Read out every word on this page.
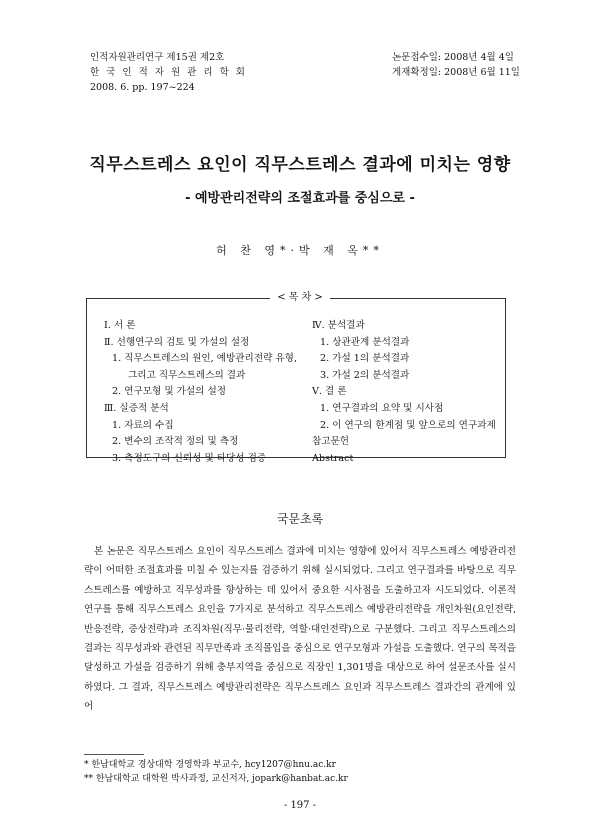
인적자원관리연구 제15권 제2호
한 국 인 적 자 원 관 리 학 회
2008. 6. pp. 197~224
논문접수일: 2008년 4월 4일
게재확정일: 2008년 6월 11일
직무스트레스 요인이 직무스트레스 결과에 미치는 영향
- 예방관리전략의 조절효과를 중심으로 -
허 찬 영*·박 재 옥**
< 목 차 >
Ⅰ. 서 론
Ⅱ. 선행연구의 검토 및 가설의 설정
1. 직무스트레스의 원인, 예방관리전략 유형,
그리고 직무스트레스의 결과
2. 연구모형 및 가설의 설정
Ⅲ. 실증적 분석
1. 자료의 수집
2. 변수의 조작적 정의 및 측정
3. 측정도구의 신뢰성 및 타당성 검증
Ⅳ. 분석결과
1. 상관관계 분석결과
2. 가설 1의 분석결과
3. 가설 2의 분석결과
Ⅴ. 결 론
1. 연구결과의 요약 및 시사점
2. 이 연구의 한계점 및 앞으로의 연구과제
참고문헌
Abstract
국문초록
본 논문은 직무스트레스 요인이 직무스트레스 결과에 미치는 영향에 있어서 직무스트레스 예방관리전략이 어떠한 조절효과를 미칠 수 있는지를 검증하기 위해 실시되었다. 그리고 연구결과를 바탕으로 직무스트레스를 예방하고 직무성과를 향상하는 데 있어서 중요한 시사점을 도출하고자 시도되었다. 이론적 연구를 통해 직무스트레스 요인을 7가지로 분석하고 직무스트레스 예방관리전략을 개인차원(요인전략, 반응전략, 증상전략)과 조직차원(직무·물리전략, 역할·대인전략)으로 구분했다. 그리고 직무스트레스의 결과는 직무성과와 관련된 직무만족과 조직몰입을 중심으로 연구모형과 가설을 도출했다. 연구의 목적을 달성하고 가설을 검증하기 위해 충부지역을 중심으로 직장인 1,301명을 대상으로 하여 설문조사를 실시하였다. 그 결과, 직무스트레스 예방관리전략은 직무스트레스 요인과 직무스트레스 결과간의 관계에 있어
* 한남대학교 경상대학 경영학과 부교수, hcy1207@hnu.ac.kr
** 한남대학교 대학원 박사과정, 교신저자, jopark@hanbat.ac.kr
- 197 -
